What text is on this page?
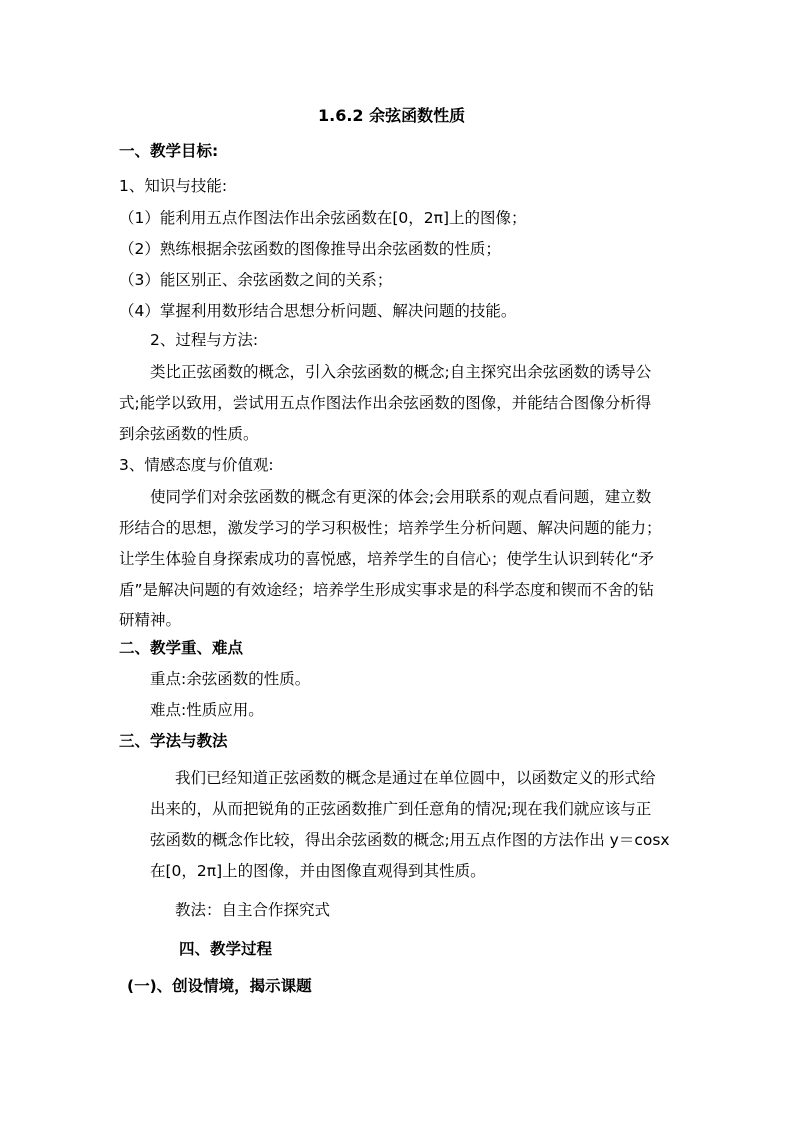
1.6.2 余弦函数性质
一、教学目标:
1、知识与技能:
（1）能利用五点作图法作出余弦函数在[0，2π]上的图像；
（2）熟练根据余弦函数的图像推导出余弦函数的性质；
（3）能区别正、余弦函数之间的关系；
（4）掌握利用数形结合思想分析问题、解决问题的技能。
2、过程与方法:
类比正弦函数的概念，引入余弦函数的概念;自主探究出余弦函数的诱导公
式;能学以致用，尝试用五点作图法作出余弦函数的图像，并能结合图像分析得
到余弦函数的性质。
3、情感态度与价值观:
使同学们对余弦函数的概念有更深的体会;会用联系的观点看问题，建立数
形结合的思想，激发学习的学习积极性；培养学生分析问题、解决问题的能力；
让学生体验自身探索成功的喜悦感，培养学生的自信心；使学生认识到转化“矛
盾”是解决问题的有效途经；培养学生形成实事求是的科学态度和锲而不舍的钻
研精神。
二、教学重、难点
重点:余弦函数的性质。
难点:性质应用。
三、学法与教法
我们已经知道正弦函数的概念是通过在单位圆中，以函数定义的形式给
出来的，从而把锐角的正弦函数推广到任意角的情况;现在我们就应该与正
弦函数的概念作比较，得出余弦函数的概念;用五点作图的方法作出 y＝cosx
在[0，2π]上的图像，并由图像直观得到其性质。
教法：自主合作探究式
四、教学过程
(一)、创设情境，揭示课题
